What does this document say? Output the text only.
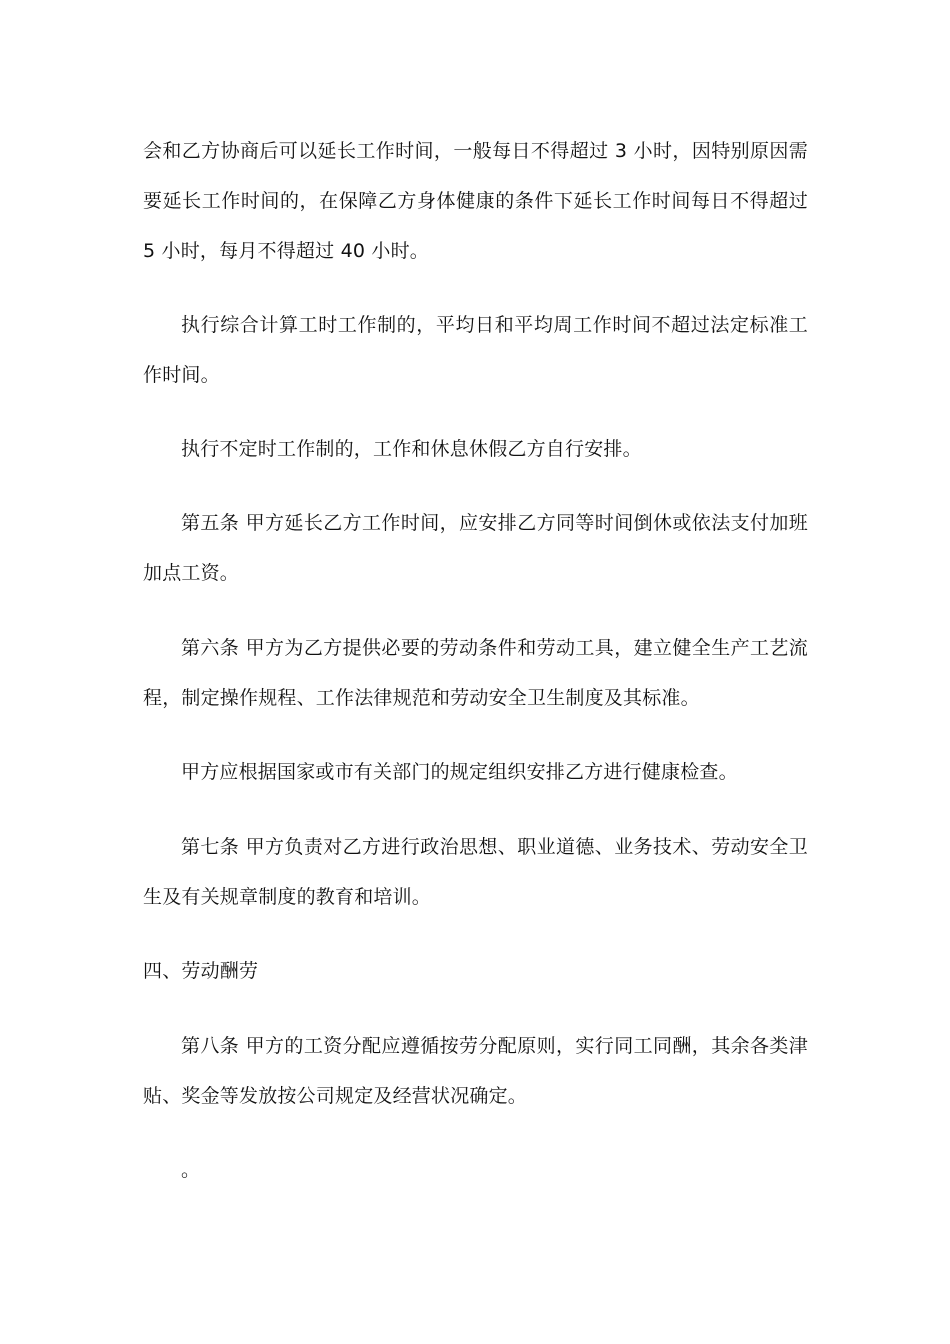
会和乙方协商后可以延长工作时间，一般每日不得超过 3 小时，因特别原因需要延长工作时间的，在保障乙方身体健康的条件下延长工作时间每日不得超过 5 小时，每月不得超过 40 小时。

执行综合计算工时工作制的，平均日和平均周工作时间不超过法定标准工作时间。

执行不定时工作制的，工作和休息休假乙方自行安排。

第五条 甲方延长乙方工作时间，应安排乙方同等时间倒休或依法支付加班加点工资。

第六条 甲方为乙方提供必要的劳动条件和劳动工具，建立健全生产工艺流程，制定操作规程、工作法律规范和劳动安全卫生制度及其标准。

甲方应根据国家或市有关部门的规定组织安排乙方进行健康检查。

第七条 甲方负责对乙方进行政治思想、职业道德、业务技术、劳动安全卫生及有关规章制度的教育和培训。

四、劳动酬劳

第八条 甲方的工资分配应遵循按劳分配原则，实行同工同酬，其余各类津贴、奖金等发放按公司规定及经营状况确定。

。
